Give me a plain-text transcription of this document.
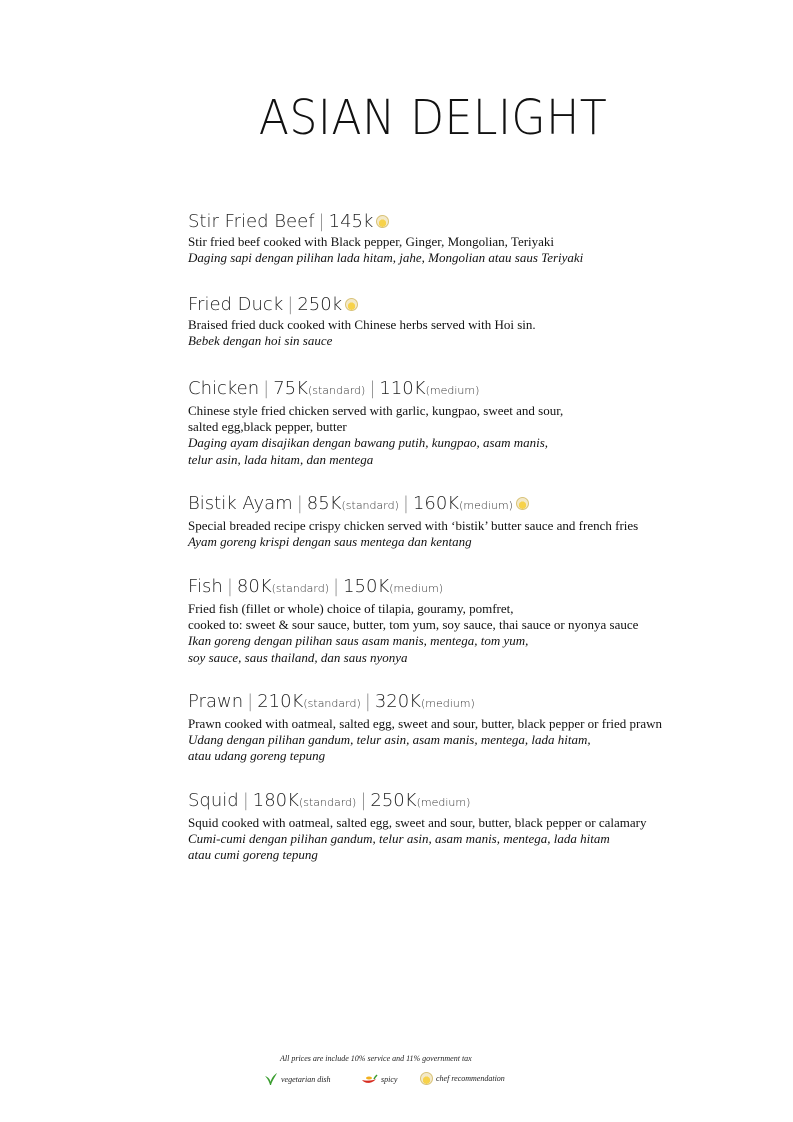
ASIAN DELIGHT
Stir Fried Beef | 145k
Stir fried beef cooked with Black pepper, Ginger, Mongolian, Teriyaki
Daging sapi dengan pilihan lada hitam, jahe, Mongolian atau saus Teriyaki
Fried Duck | 250k
Braised fried duck cooked with Chinese herbs served with Hoi sin.
Bebek dengan hoi sin sauce
Chicken | 75K (standard) | 110K (medium)
Chinese style fried chicken served with garlic, kungpao, sweet and sour,
salted egg,black pepper, butter
Daging ayam disajikan dengan bawang putih, kungpao, asam manis,
telur asin, lada hitam, dan mentega
Bistik Ayam | 85K (standard) | 160K (medium)
Special breaded recipe crispy chicken served with ‘bistik’ butter sauce and french fries
Ayam goreng krispi dengan saus mentega dan kentang
Fish | 80K (standard) | 150K (medium)
Fried fish (fillet or whole) choice of tilapia, gouramy, pomfret,
cooked to: sweet & sour sauce, butter, tom yum, soy sauce, thai sauce or nyonya sauce
Ikan goreng dengan pilihan saus asam manis, mentega, tom yum,
soy sauce, saus thailand, dan saus nyonya
Prawn | 210K (standard) | 320K (medium)
Prawn cooked with oatmeal, salted egg, sweet and sour, butter, black pepper or fried prawn
Udang dengan pilihan gandum, telur asin, asam manis, mentega, lada hitam,
atau udang goreng tepung
Squid | 180K (standard) | 250K (medium)
Squid cooked with oatmeal, salted egg, sweet and sour, butter, black pepper or calamary
Cumi-cumi dengan pilihan gandum, telur asin, asam manis, mentega, lada hitam
atau cumi goreng tepung
All prices are include 10% service and 11% government tax
vegetarian dish	spicy	chef recommendation
